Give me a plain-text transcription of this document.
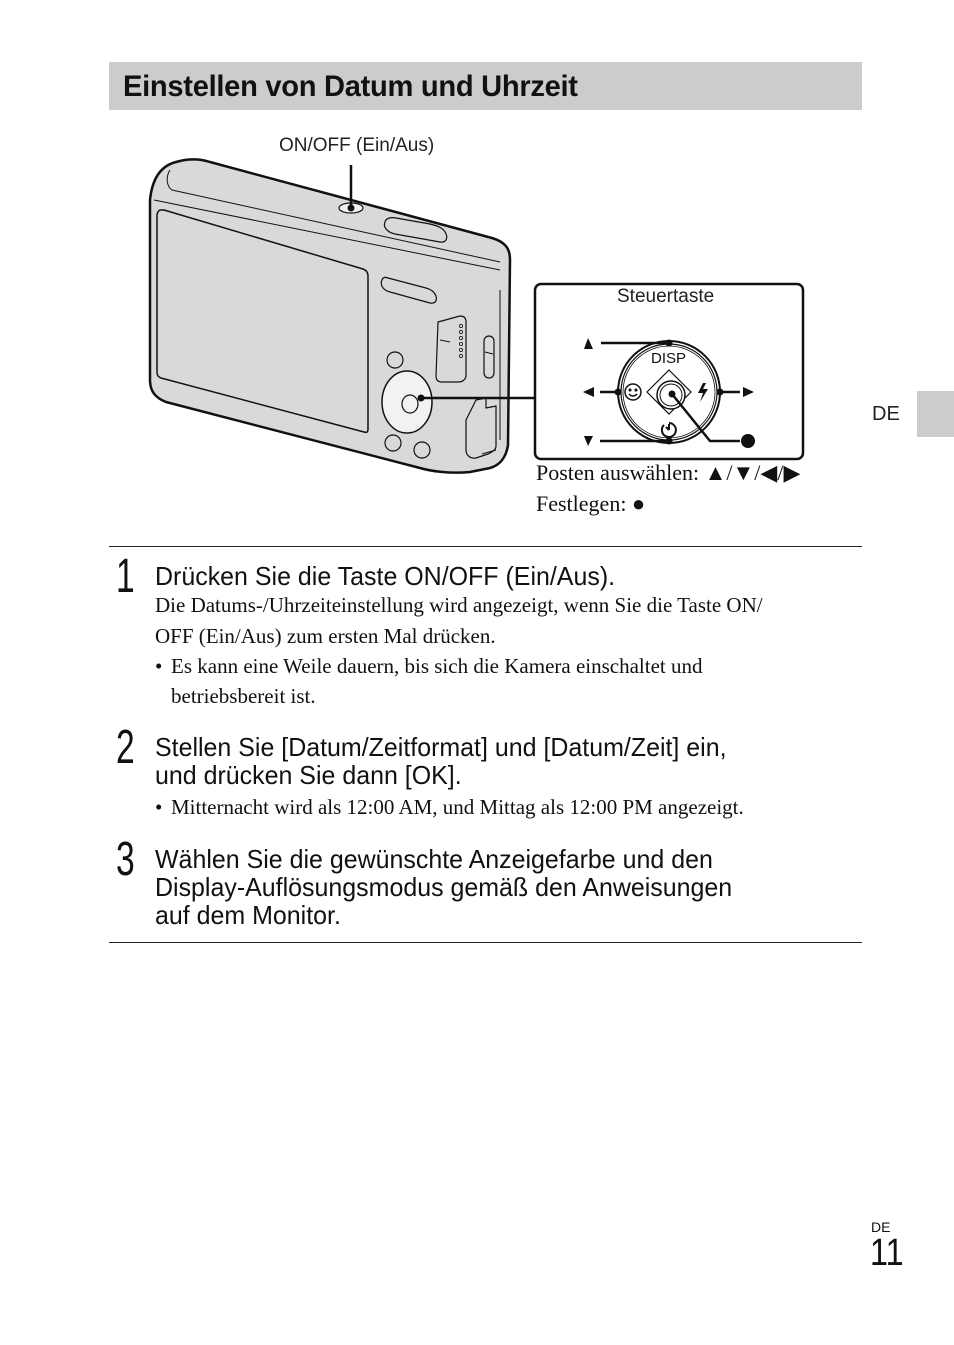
Einstellen von Datum und Uhrzeit
ON/OFF (Ein/Aus)
Steuertaste
DISP
Posten auswählen: ▲/▼/◀/▶
Festlegen: ●
DE
1 Drücken Sie die Taste ON/OFF (Ein/Aus).
Die Datums-/Uhrzeiteinstellung wird angezeigt, wenn Sie die Taste ON/
OFF (Ein/Aus) zum ersten Mal drücken.
• Es kann eine Weile dauern, bis sich die Kamera einschaltet und
betriebsbereit ist.
2 Stellen Sie [Datum/Zeitformat] und [Datum/Zeit] ein,
und drücken Sie dann [OK].
• Mitternacht wird als 12:00 AM, und Mittag als 12:00 PM angezeigt.
3 Wählen Sie die gewünschte Anzeigefarbe und den
Display-Auflösungsmodus gemäß den Anweisungen
auf dem Monitor.
DE
11
